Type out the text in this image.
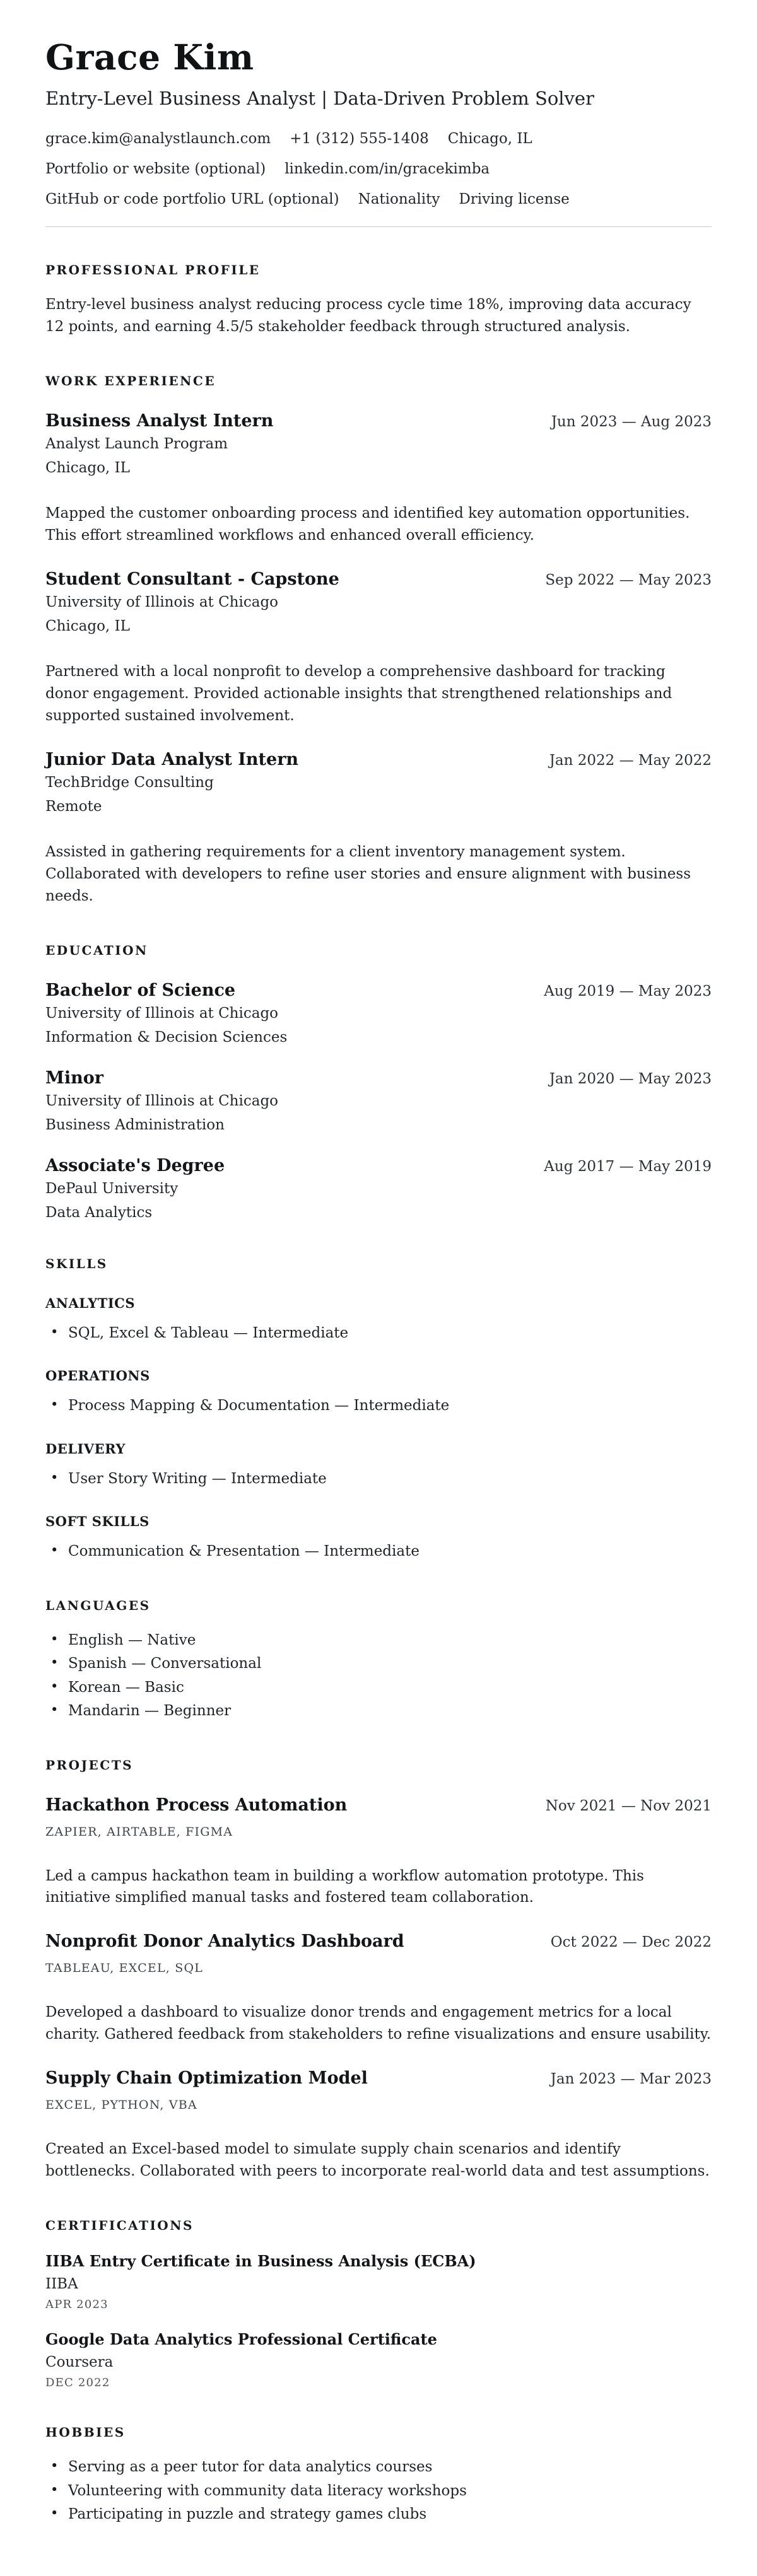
Grace Kim

Entry-Level Business Analyst | Data-Driven Problem Solver

grace.kim@analystlaunch.com +1 (312) 555-1408 Chicago, IL
Portfolio or website (optional) linkedin.com/in/gracekimba
GitHub or code portfolio URL (optional) Nationality Driving license
PROFESSIONAL PROFILE

Entry-level business analyst reducing process cycle time 18%, improving data accuracy 12 points, and earning 4.5/5 stakeholder feedback through structured analysis.

WORK EXPERIENCE
Business Analyst Intern	Jun 2023 — Aug 2023
Analyst Launch Program
Chicago, IL

Mapped the customer onboarding process and identified key automation opportunities. This effort streamlined workflows and enhanced overall efficiency.

Student Consultant - Capstone	Sep 2022 — May 2023
University of Illinois at Chicago
Chicago, IL

Partnered with a local nonprofit to develop a comprehensive dashboard for tracking donor engagement. Provided actionable insights that strengthened relationships and supported sustained involvement.

Junior Data Analyst Intern	Jan 2022 — May 2022
TechBridge Consulting
Remote

Assisted in gathering requirements for a client inventory management system. Collaborated with developers to refine user stories and ensure alignment with business needs.

EDUCATION
Bachelor of Science	Aug 2019 — May 2023
University of Illinois at Chicago
Information & Decision Sciences
Minor	Jan 2020 — May 2023
University of Illinois at Chicago
Business Administration
Associate's Degree	Aug 2017 — May 2019
DePaul University
Data Analytics
SKILLS
ANALYTICS
• SQL, Excel & Tableau — Intermediate
OPERATIONS
• Process Mapping & Documentation — Intermediate
DELIVERY
• User Story Writing — Intermediate
SOFT SKILLS
• Communication & Presentation — Intermediate
LANGUAGES
• English — Native
• Spanish — Conversational
• Korean — Basic
• Mandarin — Beginner
PROJECTS
Hackathon Process Automation	Nov 2021 — Nov 2021
ZAPIER, AIRTABLE, FIGMA

Led a campus hackathon team in building a workflow automation prototype. This initiative simplified manual tasks and fostered team collaboration.

Nonprofit Donor Analytics Dashboard	Oct 2022 — Dec 2022
TABLEAU, EXCEL, SQL

Developed a dashboard to visualize donor trends and engagement metrics for a local charity. Gathered feedback from stakeholders to refine visualizations and ensure usability.

Supply Chain Optimization Model	Jan 2023 — Mar 2023
EXCEL, PYTHON, VBA

Created an Excel-based model to simulate supply chain scenarios and identify bottlenecks. Collaborated with peers to incorporate real-world data and test assumptions.

CERTIFICATIONS
IIBA Entry Certificate in Business Analysis (ECBA)
IIBA
APR 2023
Google Data Analytics Professional Certificate
Coursera
DEC 2022
HOBBIES
• Serving as a peer tutor for data analytics courses
• Volunteering with community data literacy workshops
• Participating in puzzle and strategy games clubs
